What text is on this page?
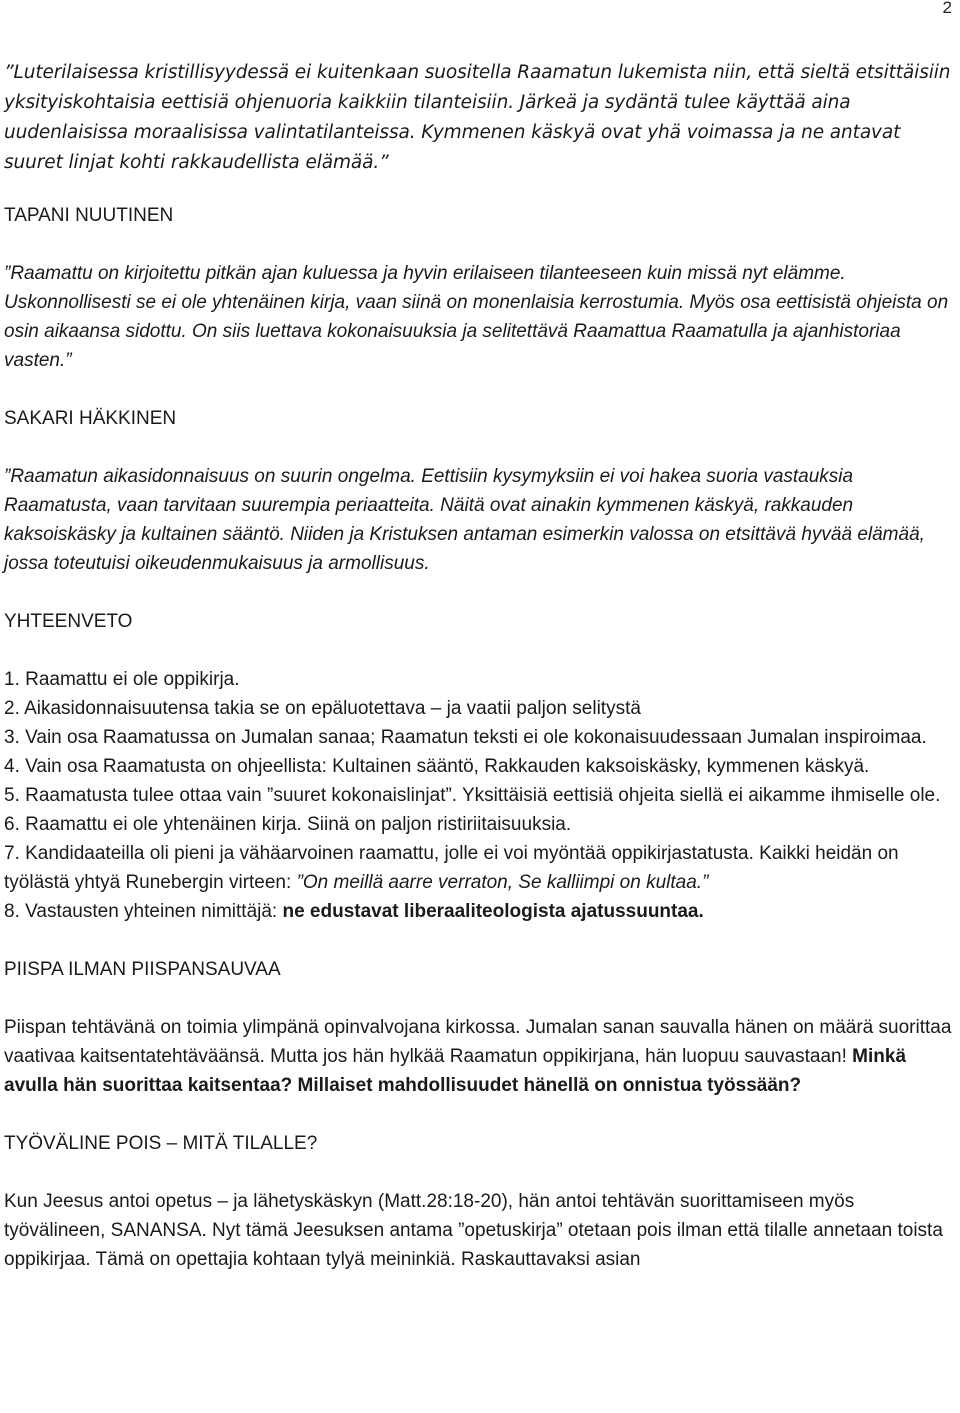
2

”Luterilaisessa kristillisyydessä ei kuitenkaan suositella Raamatun lukemista niin, että sieltä etsittäisiin yksityiskohtaisia eettisiä ohjenuoria kaikkiin tilanteisiin. Järkeä ja sydäntä tulee käyttää aina uudenlaisissa moraalisissa valintatilanteissa. Kymmenen käskyä ovat yhä voimassa ja ne antavat suuret linjat kohti rakkaudellista elämää.”

TAPANI NUUTINEN

”Raamattu on kirjoitettu pitkän ajan kuluessa ja hyvin erilaiseen tilanteeseen kuin missä nyt elämme. Uskonnollisesti se ei ole yhtenäinen kirja, vaan siinä on monenlaisia kerrostumia. Myös osa eettisistä ohjeista on osin aikaansa sidottu. On siis luettava kokonaisuuksia ja selitettävä Raamattua Raamatulla ja ajanhistoriaa vasten.”

SAKARI HÄKKINEN

”Raamatun aikasidonnaisuus on suurin ongelma. Eettisiin kysymyksiin ei voi hakea suoria vastauksia Raamatusta, vaan tarvitaan suurempia periaatteita. Näitä ovat ainakin kymmenen käskyä, rakkauden kaksoiskäsky ja kultainen sääntö. Niiden ja Kristuksen antaman esimerkin valossa on etsittävä hyvää elämää, jossa toteutuisi oikeudenmukaisuus ja armollisuus.

YHTEENVETO

1. Raamattu ei ole oppikirja.

2. Aikasidonnaisuutensa takia se on epäluotettava – ja vaatii paljon selitystä

3. Vain osa Raamatussa on Jumalan sanaa; Raamatun teksti ei ole kokonaisuudessaan Jumalan inspiroimaa.

4. Vain osa Raamatusta on ohjeellista: Kultainen sääntö, Rakkauden kaksoiskäsky, kymmenen käskyä.

5. Raamatusta tulee ottaa vain ”suuret kokonaislinjat”. Yksittäisiä eettisiä ohjeita siellä ei aikamme ihmiselle ole.

6. Raamattu ei ole yhtenäinen kirja. Siinä on paljon ristiriitaisuuksia.

7. Kandidaateilla oli pieni ja vähäarvoinen raamattu, jolle ei voi myöntää oppikirjastatusta. Kaikki heidän on työlästä yhtyä Runebergin virteen: ”On meillä aarre verraton, Se kalliimpi on kultaa.”

8. Vastausten yhteinen nimittäjä: ne edustavat liberaaliteologista ajatussuuntaa.

PIISPA ILMAN PIISPANSAUVAA

Piispan tehtävänä on toimia ylimpänä opinvalvojana kirkossa. Jumalan sanan sauvalla hänen on määrä suorittaa vaativaa kaitsentatehtäväänsä. Mutta jos hän hylkää Raamatun oppikirjana, hän luopuu sauvastaan! Minkä avulla hän suorittaa kaitsentaa? Millaiset mahdollisuudet hänellä on onnistua työssään?

TYÖVÄLINE POIS – MITÄ TILALLE?

Kun Jeesus antoi opetus – ja lähetyskäskyn (Matt.28:18-20), hän antoi tehtävän suorittamiseen myös työvälineen, SANANSA. Nyt tämä Jeesuksen antama ”opetuskirja” otetaan pois ilman että tilalle annetaan toista oppikirjaa. Tämä on opettajia kohtaan tylyä meininkiä. Raskauttavaksi asian
